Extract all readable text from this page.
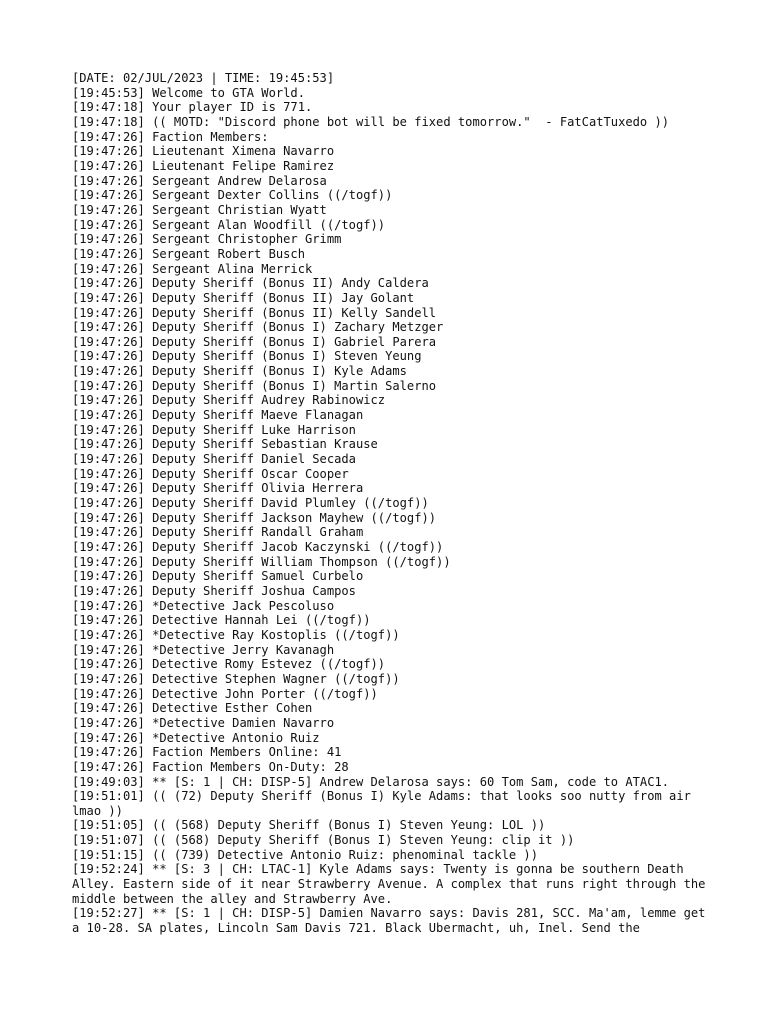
[DATE: 02/JUL/2023 | TIME: 19:45:53]
[19:45:53] Welcome to GTA World.
[19:47:18] Your player ID is 771.
[19:47:18] (( MOTD: "Discord phone bot will be fixed tomorrow."  - FatCatTuxedo ))
[19:47:26] Faction Members:
[19:47:26] Lieutenant Ximena Navarro
[19:47:26] Lieutenant Felipe Ramirez
[19:47:26] Sergeant Andrew Delarosa
[19:47:26] Sergeant Dexter Collins ((/togf))
[19:47:26] Sergeant Christian Wyatt
[19:47:26] Sergeant Alan Woodfill ((/togf))
[19:47:26] Sergeant Christopher Grimm
[19:47:26] Sergeant Robert Busch
[19:47:26] Sergeant Alina Merrick
[19:47:26] Deputy Sheriff (Bonus II) Andy Caldera
[19:47:26] Deputy Sheriff (Bonus II) Jay Golant
[19:47:26] Deputy Sheriff (Bonus II) Kelly Sandell
[19:47:26] Deputy Sheriff (Bonus I) Zachary Metzger
[19:47:26] Deputy Sheriff (Bonus I) Gabriel Parera
[19:47:26] Deputy Sheriff (Bonus I) Steven Yeung
[19:47:26] Deputy Sheriff (Bonus I) Kyle Adams
[19:47:26] Deputy Sheriff (Bonus I) Martin Salerno
[19:47:26] Deputy Sheriff Audrey Rabinowicz
[19:47:26] Deputy Sheriff Maeve Flanagan
[19:47:26] Deputy Sheriff Luke Harrison
[19:47:26] Deputy Sheriff Sebastian Krause
[19:47:26] Deputy Sheriff Daniel Secada
[19:47:26] Deputy Sheriff Oscar Cooper
[19:47:26] Deputy Sheriff Olivia Herrera
[19:47:26] Deputy Sheriff David Plumley ((/togf))
[19:47:26] Deputy Sheriff Jackson Mayhew ((/togf))
[19:47:26] Deputy Sheriff Randall Graham
[19:47:26] Deputy Sheriff Jacob Kaczynski ((/togf))
[19:47:26] Deputy Sheriff William Thompson ((/togf))
[19:47:26] Deputy Sheriff Samuel Curbelo
[19:47:26] Deputy Sheriff Joshua Campos
[19:47:26] *Detective Jack Pescoluso
[19:47:26] Detective Hannah Lei ((/togf))
[19:47:26] *Detective Ray Kostoplis ((/togf))
[19:47:26] *Detective Jerry Kavanagh
[19:47:26] Detective Romy Estevez ((/togf))
[19:47:26] Detective Stephen Wagner ((/togf))
[19:47:26] Detective John Porter ((/togf))
[19:47:26] Detective Esther Cohen
[19:47:26] *Detective Damien Navarro
[19:47:26] *Detective Antonio Ruiz
[19:47:26] Faction Members Online: 41
[19:47:26] Faction Members On-Duty: 28
[19:49:03] ** [S: 1 | CH: DISP-5] Andrew Delarosa says: 60 Tom Sam, code to ATAC1.
[19:51:01] (( (72) Deputy Sheriff (Bonus I) Kyle Adams: that looks soo nutty from air lmao ))
[19:51:05] (( (568) Deputy Sheriff (Bonus I) Steven Yeung: LOL ))
[19:51:07] (( (568) Deputy Sheriff (Bonus I) Steven Yeung: clip it ))
[19:51:15] (( (739) Detective Antonio Ruiz: phenominal tackle ))
[19:52:24] ** [S: 3 | CH: LTAC-1] Kyle Adams says: Twenty is gonna be southern Death Alley. Eastern side of it near Strawberry Avenue. A complex that runs right through the middle between the alley and Strawberry Ave.
[19:52:27] ** [S: 1 | CH: DISP-5] Damien Navarro says: Davis 281, SCC. Ma'am, lemme get a 10-28. SA plates, Lincoln Sam Davis 721. Black Ubermacht, uh, Inel. Send the
